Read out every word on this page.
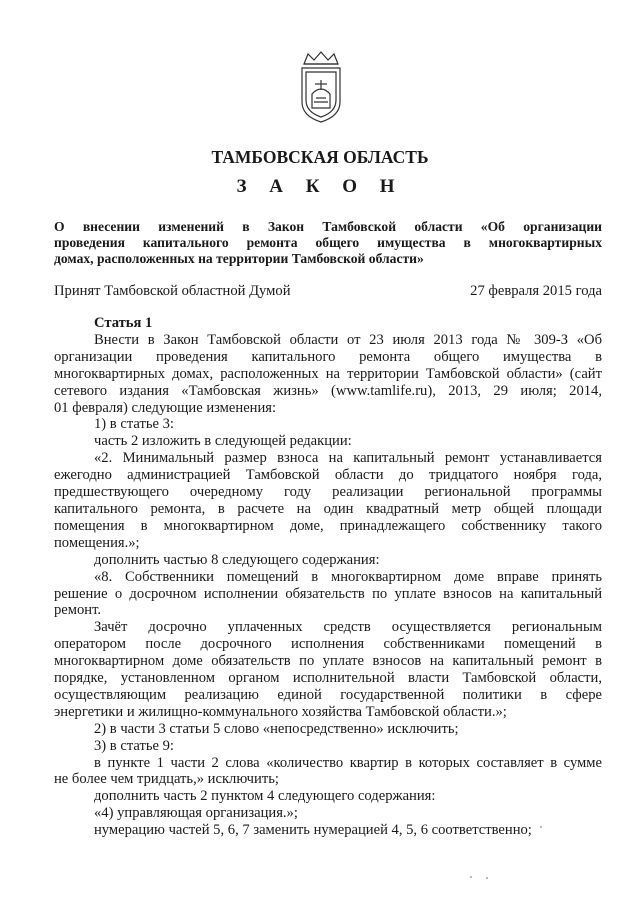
ТАМБОВСКАЯ ОБЛАСТЬ
З А К О Н
О внесении изменений в Закон Тамбовской области «Об организации
проведения капитального ремонта общего имущества в многоквартирных
домах, расположенных на территории Тамбовской области»
Принят Тамбовской областной Думой	27 февраля 2015 года

Статья 1

Внести в Закон Тамбовской области от 23 июля 2013 года № 309-З «Об

организации проведения капитального ремонта общего имущества в

многоквартирных домах, расположенных на территории Тамбовской области» (сайт

сетевого издания «Тамбовская жизнь» (www.tamlife.ru), 2013, 29 июля; 2014,

01 февраля) следующие изменения:

1) в статье 3:

часть 2 изложить в следующей редакции:

«2. Минимальный размер взноса на капитальный ремонт устанавливается

ежегодно администрацией Тамбовской области до тридцатого ноября года,

предшествующего очередному году реализации региональной программы

капитального ремонта, в расчете на один квадратный метр общей площади

помещения в многоквартирном доме, принадлежащего собственнику такого

помещения.»;

дополнить частью 8 следующего содержания:

«8. Собственники помещений в многоквартирном доме вправе принять

решение о досрочном исполнении обязательств по уплате взносов на капитальный

ремонт.

Зачёт досрочно уплаченных средств осуществляется региональным

оператором после досрочного исполнения собственниками помещений в

многоквартирном доме обязательств по уплате взносов на капитальный ремонт в

порядке, установленном органом исполнительной власти Тамбовской области,

осуществляющим реализацию единой государственной политики в сфере

энергетики и жилищно-коммунального хозяйства Тамбовской области.»;

2) в части 3 статьи 5 слово «непосредственно» исключить;

3) в статье 9:

в пункте 1 части 2 слова «количество квартир в которых составляет в сумме

не более чем тридцать,» исключить;

дополнить часть 2 пунктом 4 следующего содержания:

«4) управляющая организация.»;

нумерацию частей 5, 6, 7 заменить нумерацией 4, 5, 6 соответственно;
